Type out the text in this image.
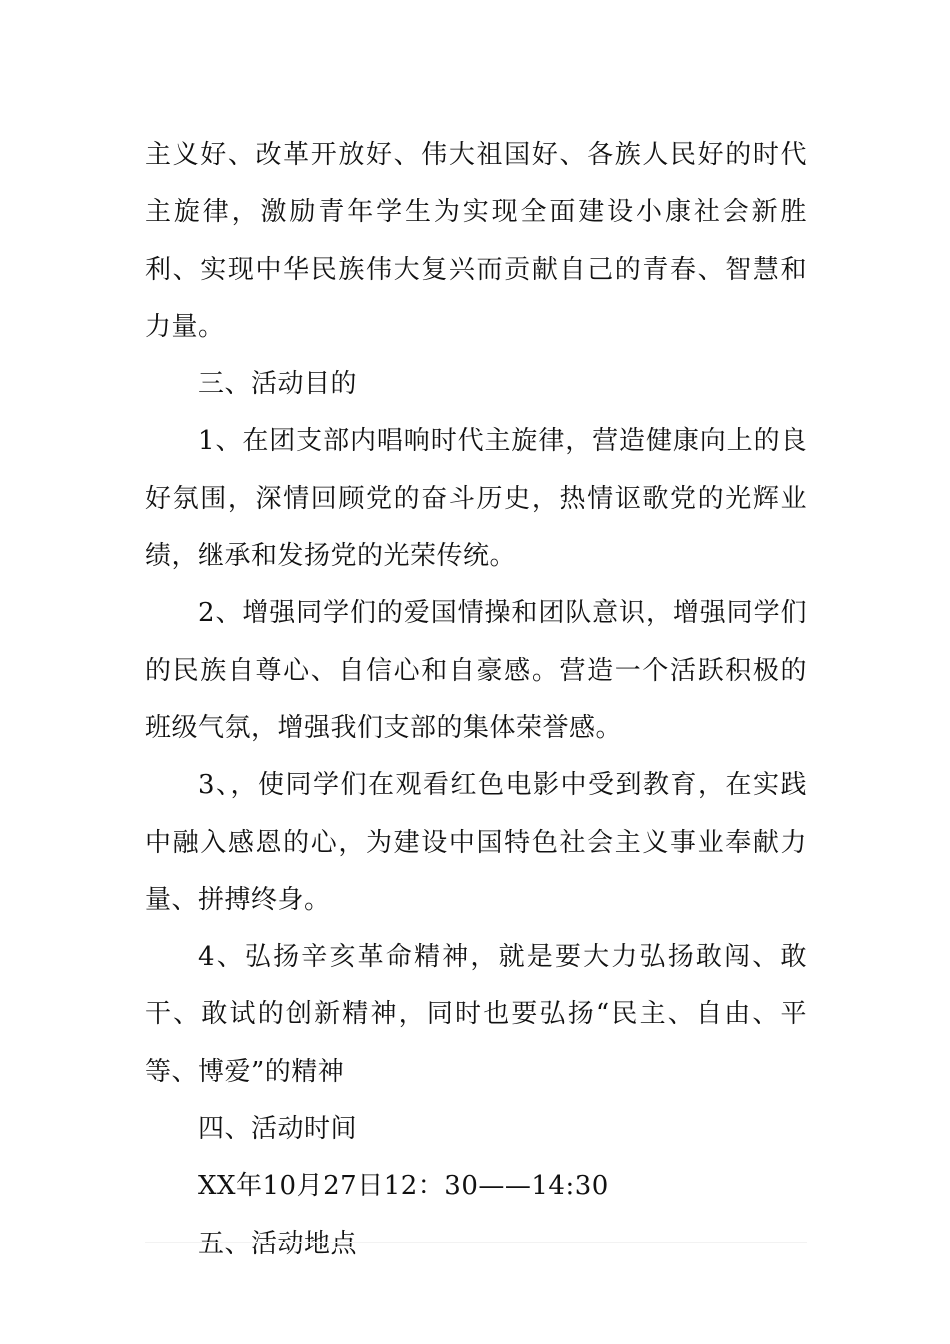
主义好、改革开放好、伟大祖国好、各族人民好的时代主旋律，激励青年学生为实现全面建设小康社会新胜利、实现中华民族伟大复兴而贡献自己的青春、智慧和力量。

三、活动目的

1、在团支部内唱响时代主旋律，营造健康向上的良好氛围，深情回顾党的奋斗历史，热情讴歌党的光辉业绩，继承和发扬党的光荣传统。

2、增强同学们的爱国情操和团队意识，增强同学们的民族自尊心、自信心和自豪感。营造一个活跃积极的班级气氛，增强我们支部的集体荣誉感。

3、，使同学们在观看红色电影中受到教育，在实践中融入感恩的心，为建设中国特色社会主义事业奉献力量、拼搏终身。

4、弘扬辛亥革命精神，就是要大力弘扬敢闯、敢干、敢试的创新精神，同时也要弘扬“民主、自由、平等、博爱”的精神

四、活动时间

XX年10月27日12：30——14:30

五、活动地点
